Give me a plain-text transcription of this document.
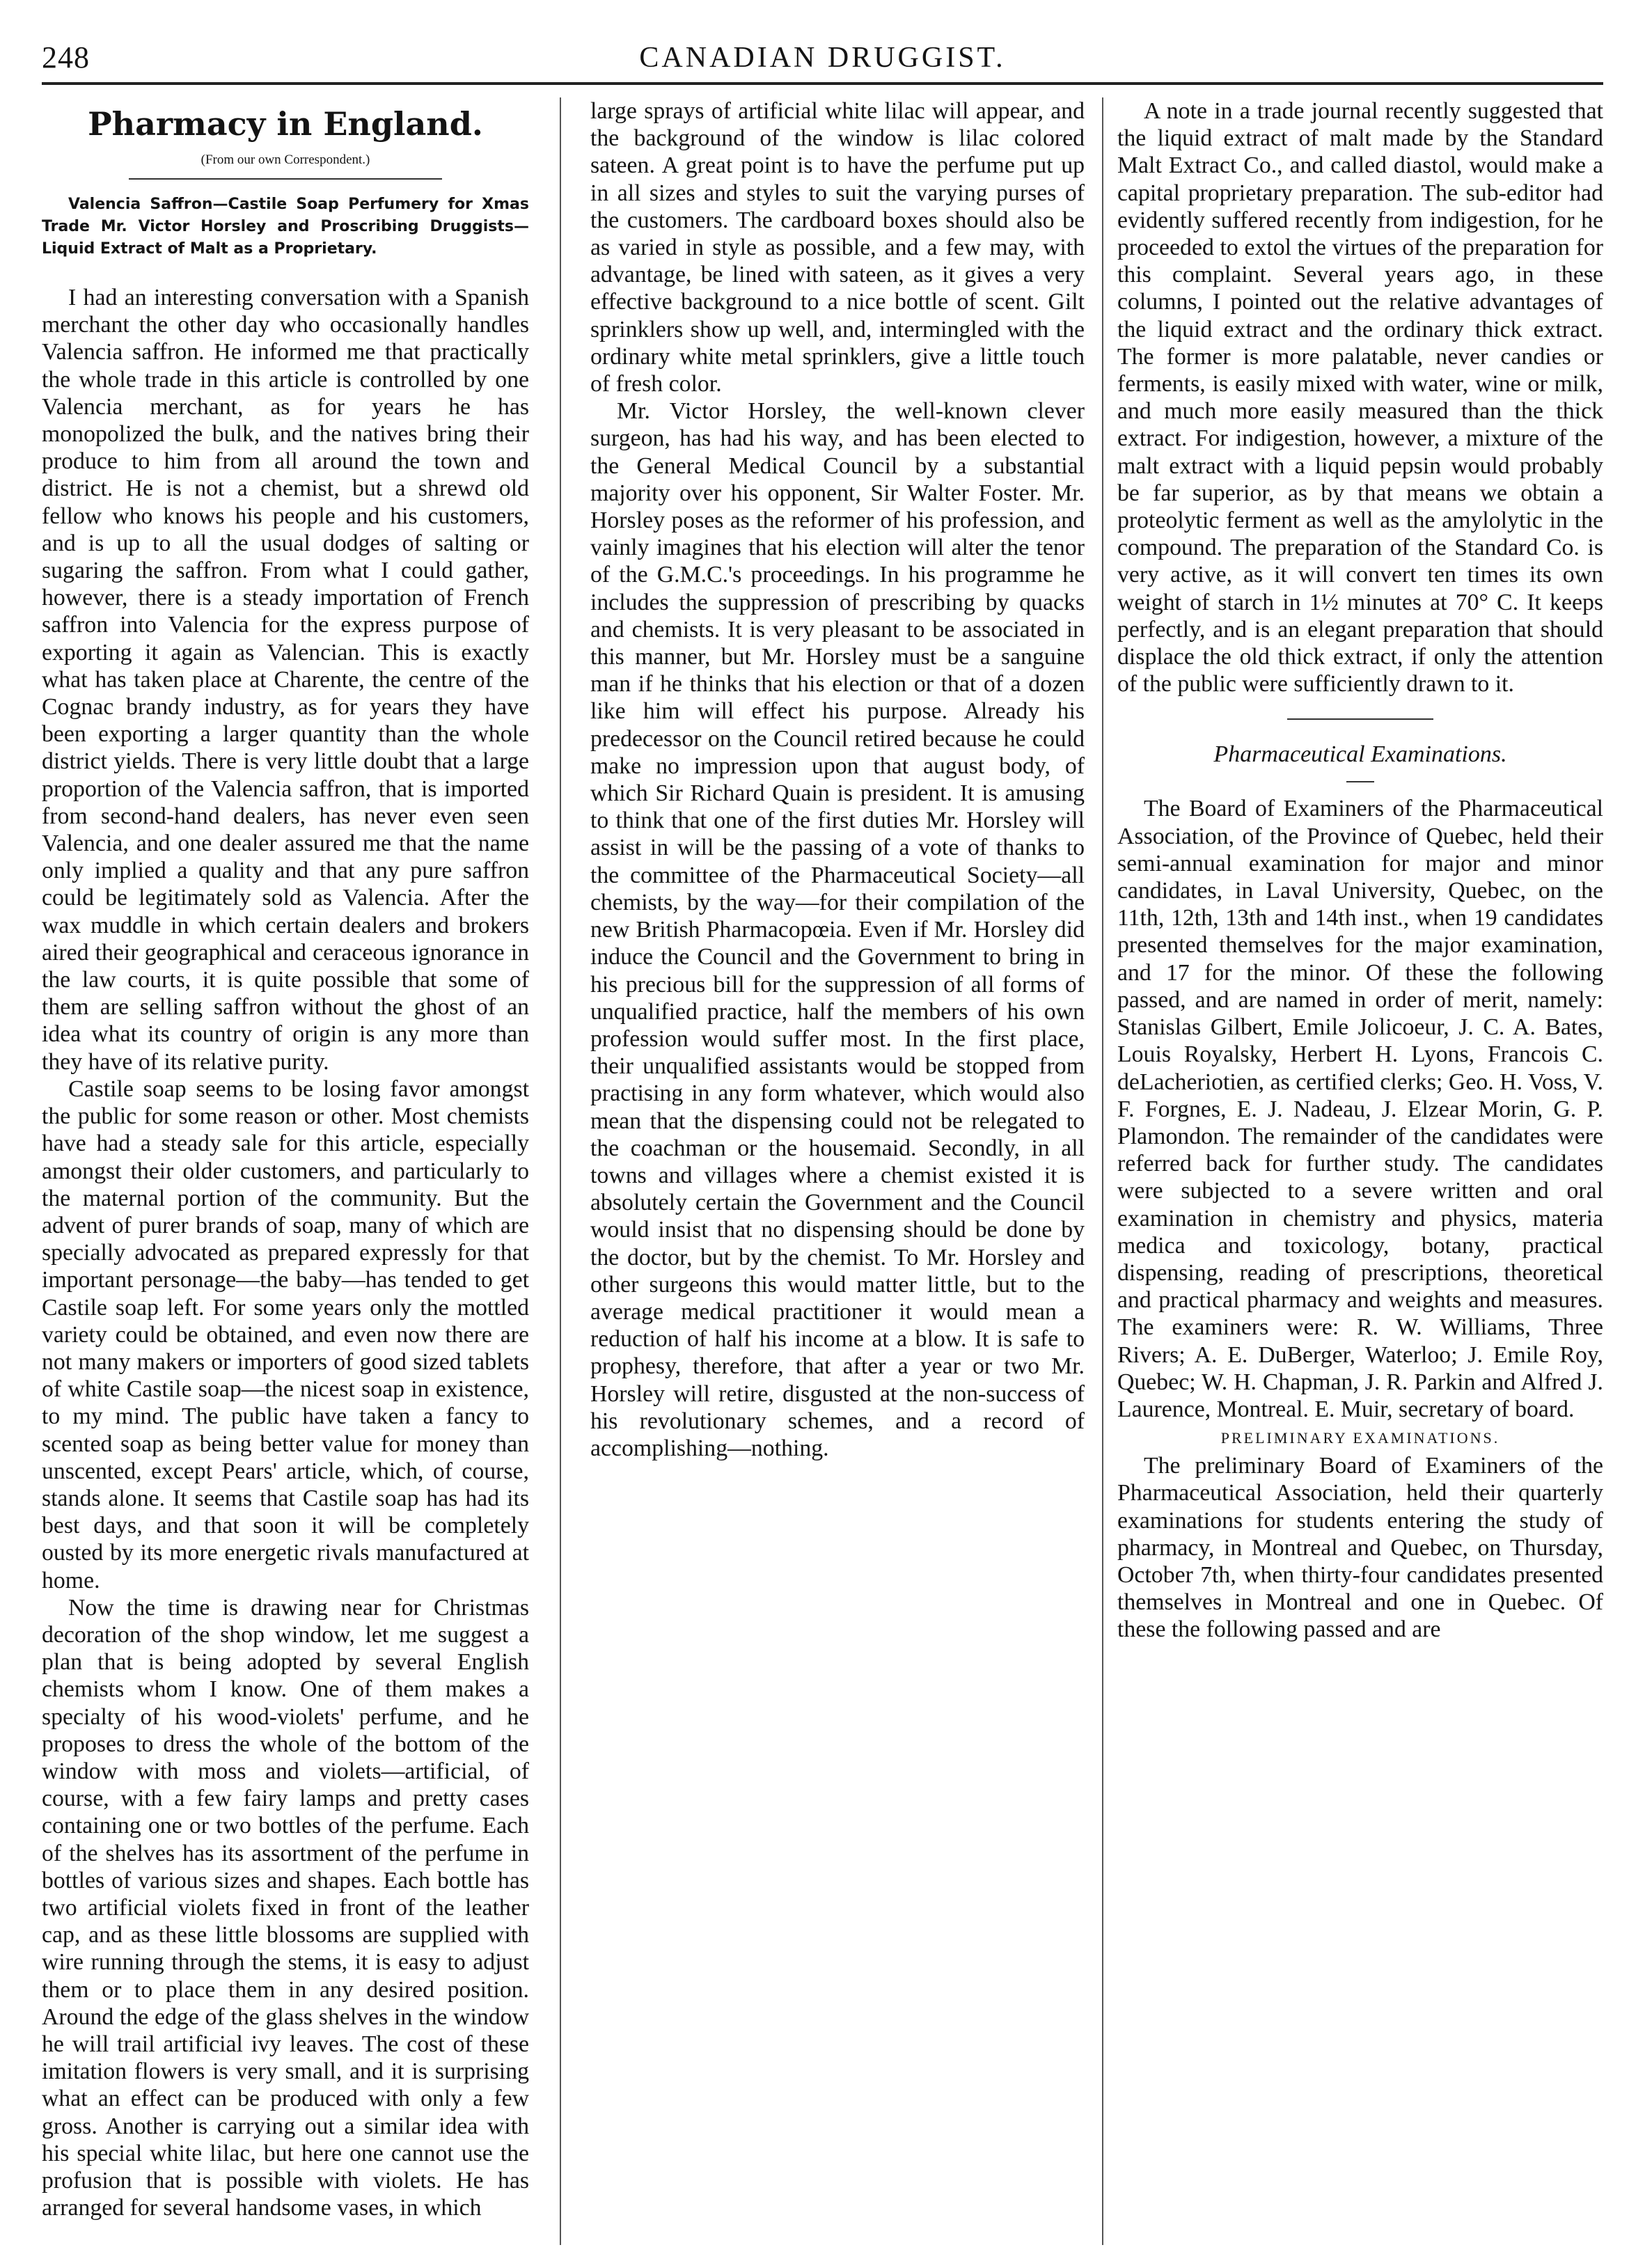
248	CANADIAN DRUGGIST.
Pharmacy in England.
(From our own Correspondent.)

Valencia Saffron—Castile Soap Perfumery for Xmas Trade Mr. Victor Horsley and Proscribing Druggists—Liquid Extract of Malt as a Proprietary.

I had an interesting conversation with a Spanish merchant the other day who occasionally handles Valencia saffron. He informed me that practically the whole trade in this article is controlled by one Valencia merchant, as for years he has monopolized the bulk, and the natives bring their produce to him from all around the town and district. He is not a chemist, but a shrewd old fellow who knows his people and his customers, and is up to all the usual dodges of salting or sugaring the saffron. From what I could gather, however, there is a steady importation of French saffron into Valencia for the express purpose of exporting it again as Valencian. This is exactly what has taken place at Charente, the centre of the Cognac brandy industry, as for years they have been exporting a larger quantity than the whole district yields. There is very little doubt that a large proportion of the Valencia saffron, that is imported from second-hand dealers, has never even seen Valencia, and one dealer assured me that the name only implied a quality and that any pure saffron could be legitimately sold as Valencia. After the wax muddle in which certain dealers and brokers aired their geographical and ceraceous ignorance in the law courts, it is quite possible that some of them are selling saffron without the ghost of an idea what its country of origin is any more than they have of its relative purity.

Castile soap seems to be losing favor amongst the public for some reason or other. Most chemists have had a steady sale for this article, especially amongst their older customers, and particularly to the maternal portion of the community. But the advent of purer brands of soap, many of which are specially advocated as prepared expressly for that important personage—the baby—has tended to get Castile soap left. For some years only the mottled variety could be obtained, and even now there are not many makers or importers of good sized tablets of white Castile soap—the nicest soap in existence, to my mind. The public have taken a fancy to scented soap as being better value for money than unscented, except Pears' article, which, of course, stands alone. It seems that Castile soap has had its best days, and that soon it will be completely ousted by its more energetic rivals manufactured at home.

Now the time is drawing near for Christmas decoration of the shop window, let me suggest a plan that is being adopted by several English chemists whom I know. One of them makes a specialty of his wood-violets' perfume, and he proposes to dress the whole of the bottom of the window with moss and violets—artificial, of course, with a few fairy lamps and pretty cases containing one or two bottles of the perfume. Each of the shelves has its assortment of the perfume in bottles of various sizes and shapes. Each bottle has two artificial violets fixed in front of the leather cap, and as these little blossoms are supplied with wire running through the stems, it is easy to adjust them or to place them in any desired position. Around the edge of the glass shelves in the window he will trail artificial ivy leaves. The cost of these imitation flowers is very small, and it is surprising what an effect can be produced with only a few gross. Another is carrying out a similar idea with his special white lilac, but here one cannot use the profusion that is possible with violets. He has arranged for several handsome vases, in which

large sprays of artificial white lilac will appear, and the background of the window is lilac colored sateen. A great point is to have the perfume put up in all sizes and styles to suit the varying purses of the customers. The cardboard boxes should also be as varied in style as possible, and a few may, with advantage, be lined with sateen, as it gives a very effective background to a nice bottle of scent. Gilt sprinklers show up well, and, intermingled with the ordinary white metal sprinklers, give a little touch of fresh color.

Mr. Victor Horsley, the well-known clever surgeon, has had his way, and has been elected to the General Medical Council by a substantial majority over his opponent, Sir Walter Foster. Mr. Horsley poses as the reformer of his profession, and vainly imagines that his election will alter the tenor of the G.M.C.'s proceedings. In his programme he includes the suppression of prescribing by quacks and chemists. It is very pleasant to be associated in this manner, but Mr. Horsley must be a sanguine man if he thinks that his election or that of a dozen like him will effect his purpose. Already his predecessor on the Council retired because he could make no impression upon that august body, of which Sir Richard Quain is president. It is amusing to think that one of the first duties Mr. Horsley will assist in will be the passing of a vote of thanks to the committee of the Pharmaceutical Society—all chemists, by the way—for their compilation of the new British Pharmacopœia. Even if Mr. Horsley did induce the Council and the Government to bring in his precious bill for the suppression of all forms of unqualified practice, half the members of his own profession would suffer most. In the first place, their unqualified assistants would be stopped from practising in any form whatever, which would also mean that the dispensing could not be relegated to the coachman or the housemaid. Secondly, in all towns and villages where a chemist existed it is absolutely certain the Government and the Council would insist that no dispensing should be done by the doctor, but by the chemist. To Mr. Horsley and other surgeons this would matter little, but to the average medical practitioner it would mean a reduction of half his income at a blow. It is safe to prophesy, therefore, that after a year or two Mr. Horsley will retire, disgusted at the non-success of his revolutionary schemes, and a record of accomplishing—nothing.

A note in a trade journal recently suggested that the liquid extract of malt made by the Standard Malt Extract Co., and called diastol, would make a capital proprietary preparation. The sub-editor had evidently suffered recently from indigestion, for he proceeded to extol the virtues of the preparation for this complaint. Several years ago, in these columns, I pointed out the relative advantages of the liquid extract and the ordinary thick extract. The former is more palatable, never candies or ferments, is easily mixed with water, wine or milk, and much more easily measured than the thick extract. For indigestion, however, a mixture of the malt extract with a liquid pepsin would probably be far superior, as by that means we obtain a proteolytic ferment as well as the amylolytic in the compound. The preparation of the Standard Co. is very active, as it will convert ten times its own weight of starch in 1½ minutes at 70° C. It keeps perfectly, and is an elegant preparation that should displace the old thick extract, if only the attention of the public were sufficiently drawn to it.

Pharmaceutical Examinations.

The Board of Examiners of the Pharmaceutical Association, of the Province of Quebec, held their semi-annual examination for major and minor candidates, in Laval University, Quebec, on the 11th, 12th, 13th and 14th inst., when 19 candidates presented themselves for the major examination, and 17 for the minor. Of these the following passed, and are named in order of merit, namely: Stanislas Gilbert, Emile Jolicoeur, J. C. A. Bates, Louis Royalsky, Herbert H. Lyons, Francois C. deLacheriotien, as certified clerks; Geo. H. Voss, V. F. Forgnes, E. J. Nadeau, J. Elzear Morin, G. P. Plamondon. The remainder of the candidates were referred back for further study. The candidates were subjected to a severe written and oral examination in chemistry and physics, materia medica and toxicology, botany, practical dispensing, reading of prescriptions, theoretical and practical pharmacy and weights and measures. The examiners were: R. W. Williams, Three Rivers; A. E. DuBerger, Waterloo; J. Emile Roy, Quebec; W. H. Chapman, J. R. Parkin and Alfred J. Laurence, Montreal. E. Muir, secretary of board.

PRELIMINARY EXAMINATIONS.

The preliminary Board of Examiners of the Pharmaceutical Association, held their quarterly examinations for students entering the study of pharmacy, in Montreal and Quebec, on Thursday, October 7th, when thirty-four candidates presented themselves in Montreal and one in Quebec. Of these the following passed and are
